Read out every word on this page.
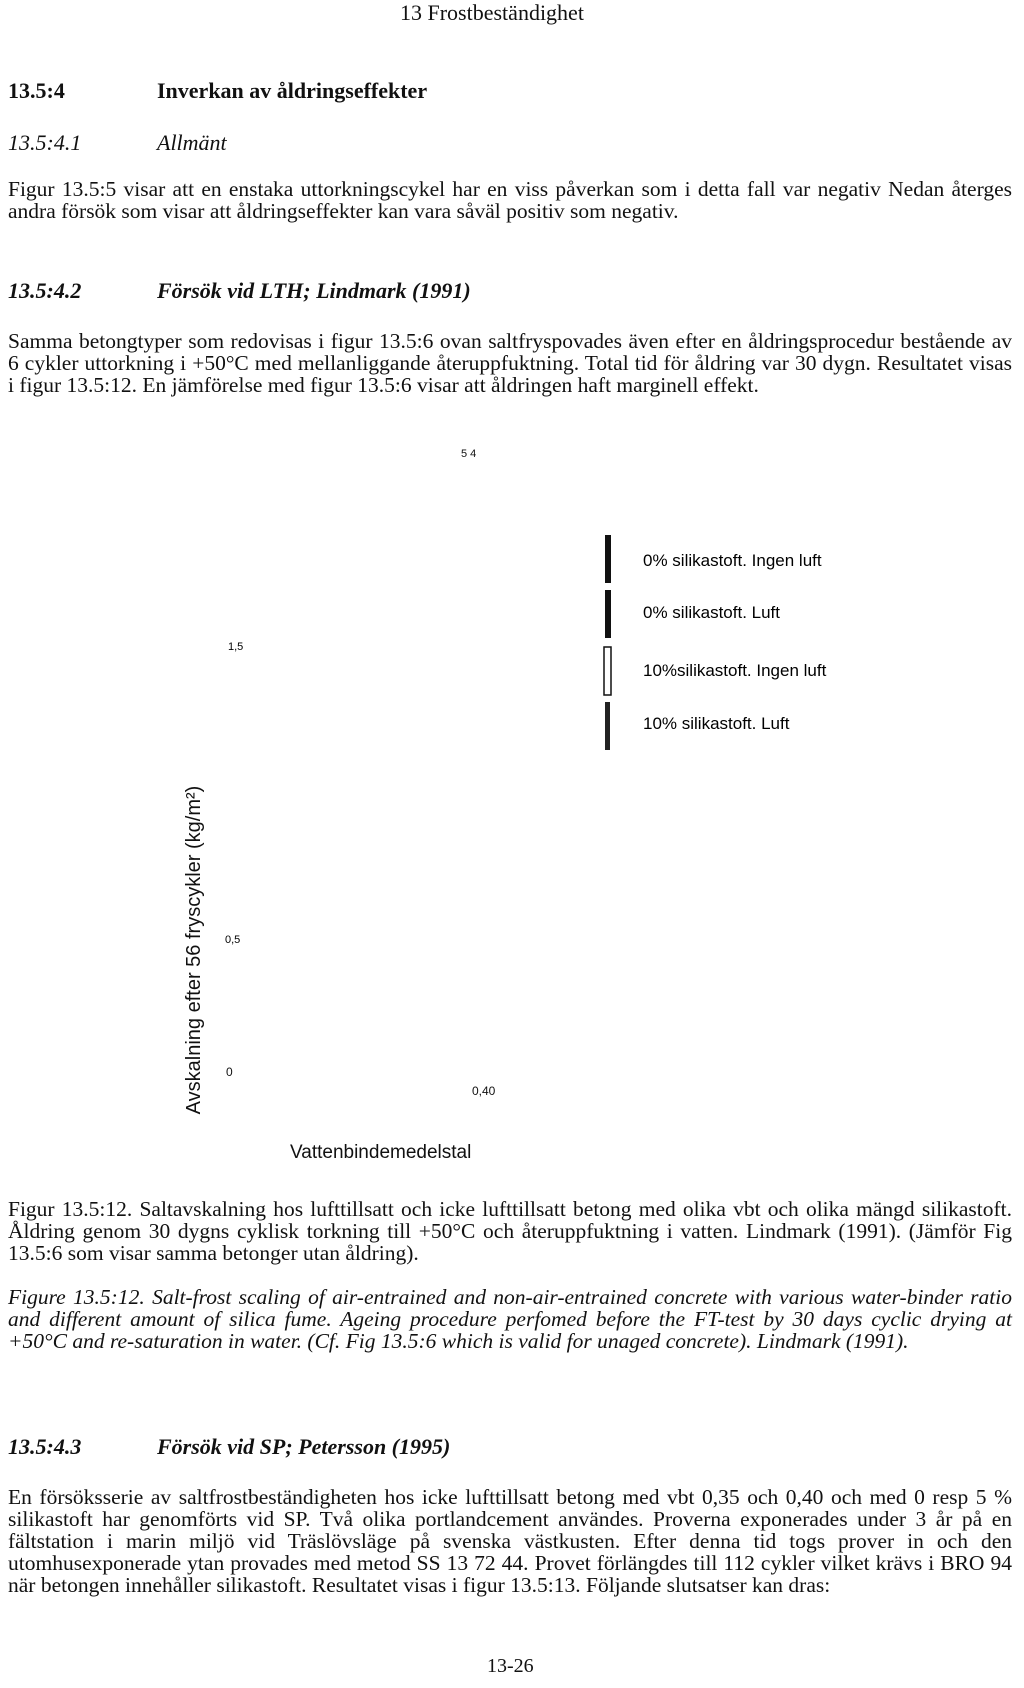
13 Frostbeständighet
13.5:4	Inverkan av åldringseffekter
13.5:4.1	Allmänt
Figur 13.5:5 visar att en enstaka uttorkningscykel har en viss påverkan som i detta fall var negativ Nedan återges andra försök som visar att åldringseffekter kan vara såväl positiv som negativ.
13.5:4.2	Försök vid LTH; Lindmark (1991)
Samma betongtyper som redovisas i figur 13.5:6 ovan saltfryspovades även efter en åldringsprocedur bestående av 6 cykler uttorkning i +50°C med mellanliggande återuppfuktning. Total tid för åldring var 30 dygn. Resultatet visas i figur 13.5:12. En jämförelse med figur 13.5:6 visar att åldringen haft marginell effekt.
5 4
Avskalning efter 56 fryscykler (kg/m²)
1,5
0,5
0% silikastoft. Ingen luft
0% silikastoft. Luft
10%silikastoft. Ingen luft
10% silikastoft. Luft
0
0,40
Vattenbindemedelstal
Figur 13.5:12. Saltavskalning hos lufttillsatt och icke lufttillsatt betong med olika vbt och olika mängd silikastoft. Åldring genom 30 dygns cyklisk torkning till +50°C och återuppfuktning i vatten. Lindmark (1991). (Jämför Fig 13.5:6 som visar samma betonger utan åldring).
Figure 13.5:12. Salt-frost scaling of air-entrained and non-air-entrained concrete with various water-binder ratio and different amount of silica fume. Ageing procedure perfomed before the FT-test by 30 days cyclic drying at +50°C and re-saturation in water. (Cf. Fig 13.5:6 which is valid for unaged concrete). Lindmark (1991).
13.5:4.3	Försök vid SP; Petersson (1995)
En försöksserie av saltfrostbeständigheten hos icke lufttillsatt betong med vbt 0,35 och 0,40 och med 0 resp 5 % silikastoft har genomförts vid SP. Två olika portlandcement användes. Proverna exponerades under 3 år på en fältstation i marin miljö vid Träslövsläge på svenska västkusten. Efter denna tid togs prover in och den utomhusexponerade ytan provades med metod SS 13 72 44. Provet förlängdes till 112 cykler vilket krävs i BRO 94 när betongen innehåller silikastoft. Resultatet visas i figur 13.5:13. Följande slutsatser kan dras:
13-26
